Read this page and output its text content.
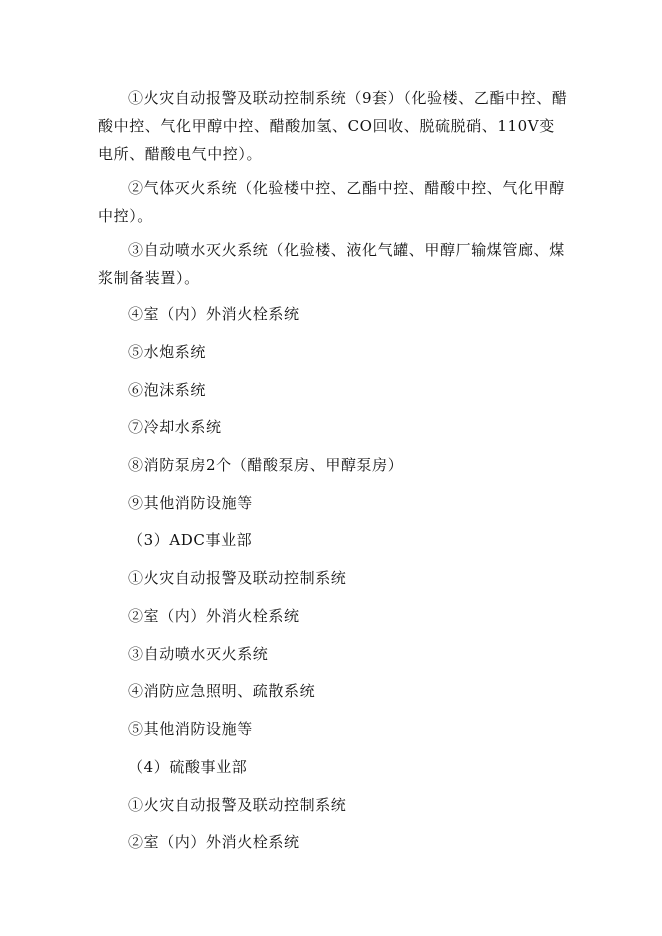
①火灾自动报警及联动控制系统（9套）（化验楼、乙酯中控、醋酸中控、气化甲醇中控、醋酸加氢、CO回收、脱硫脱硝、110V变电所、醋酸电气中控）。

②气体灭火系统（化验楼中控、乙酯中控、醋酸中控、气化甲醇中控）。

③自动喷水灭火系统（化验楼、液化气罐、甲醇厂输煤管廊、煤浆制备装置）。

④室（内）外消火栓系统

⑤水炮系统

⑥泡沫系统

⑦冷却水系统

⑧消防泵房2个（醋酸泵房、甲醇泵房）

⑨其他消防设施等

（3）ADC事业部

①火灾自动报警及联动控制系统

②室（内）外消火栓系统

③自动喷水灭火系统

④消防应急照明、疏散系统

⑤其他消防设施等

（4）硫酸事业部

①火灾自动报警及联动控制系统

②室（内）外消火栓系统
